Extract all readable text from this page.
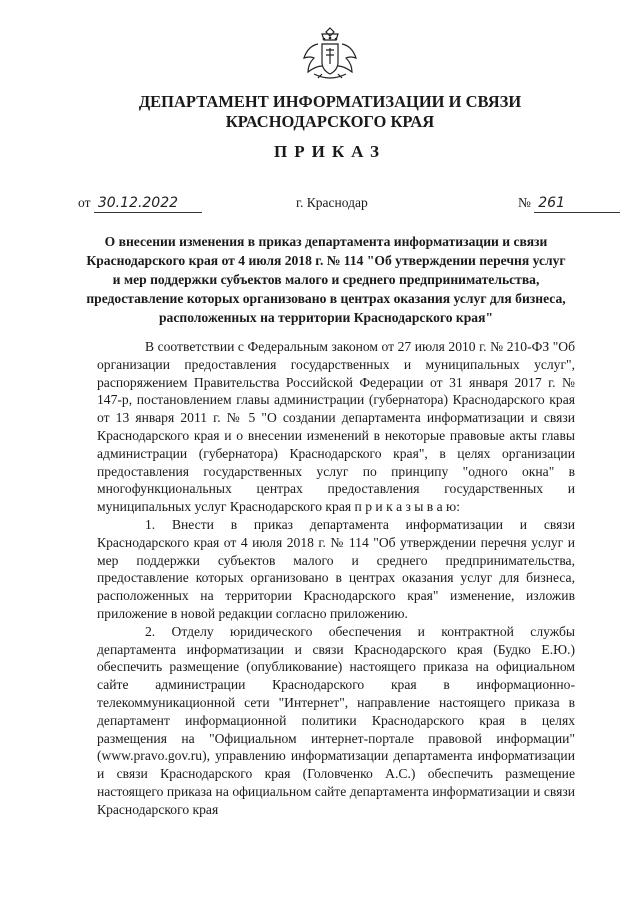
ДЕПАРТАМЕНТ ИНФОРМАТИЗАЦИИ И СВЯЗИ
КРАСНОДАРСКОГО КРАЯ
ПРИКАЗ
от 30.12.2022	г. Краснодар	№ 261

О внесении изменения в приказ департамента информатизации и связи Краснодарского края от 4 июля 2018 г. № 114 "Об утверждении перечня услуг и мер поддержки субъектов малого и среднего предпринимательства, предоставление которых организовано в центрах оказания услуг для бизнеса, расположенных на территории Краснодарского края"

В соответствии с Федеральным законом от 27 июля 2010 г. № 210-ФЗ "Об организации предоставления государственных и муниципальных услуг", распоряжением Правительства Российской Федерации от 31 января 2017 г. № 147-р, постановлением главы администрации (губернатора) Краснодарского края от 13 января 2011 г. № 5 "О создании департамента информатизации и связи Краснодарского края и о внесении изменений в некоторые правовые акты главы администрации (губернатора) Краснодарского края", в целях организации предоставления государственных услуг по принципу "одного окна" в многофункциональных центрах предоставления государственных и муниципальных услуг Краснодарского края п р и к а з ы в а ю:

1. Внести в приказ департамента информатизации и связи Краснодарского края от 4 июля 2018 г. № 114 "Об утверждении перечня услуг и мер поддержки субъектов малого и среднего предпринимательства, предоставление которых организовано в центрах оказания услуг для бизнеса, расположенных на территории Краснодарского края" изменение, изложив приложение в новой редакции согласно приложению.

2. Отделу юридического обеспечения и контрактной службы департамента информатизации и связи Краснодарского края (Будко Е.Ю.) обеспечить размещение (опубликование) настоящего приказа на официальном сайте администрации Краснодарского края в информационно-телекоммуникационной сети "Интернет", направление настоящего приказа в департамент информационной политики Краснодарского края в целях размещения на "Официальном интернет-портале правовой информации" (www.pravo.gov.ru), управлению информатизации департамента информатизации и связи Краснодарского края (Головченко А.С.) обеспечить размещение настоящего приказа на официальном сайте департамента информатизации и связи Краснодарского края
